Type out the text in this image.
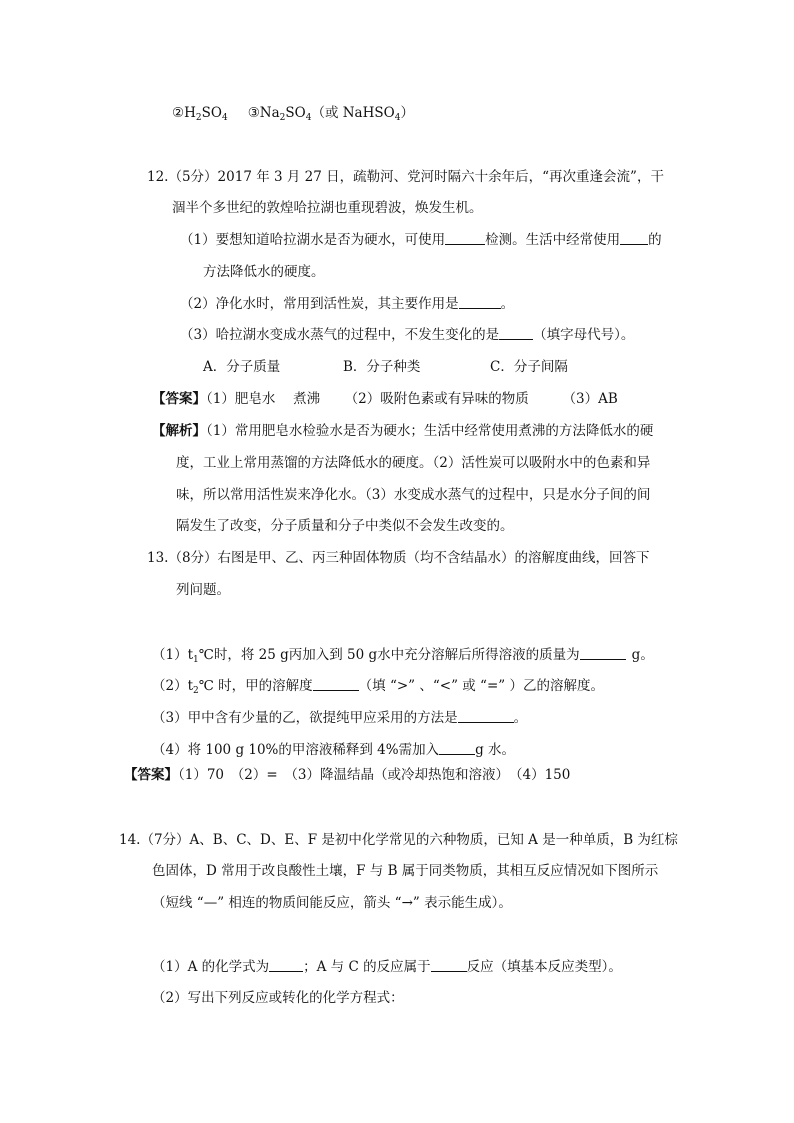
$②H_2SO_4$ $③Na_2SO_4$（或 NaHSO$_4$）
12.（5分）2017 年 3 月 27 日，疏勒河、党河时隔六十余年后，“再次重逢会流”，干
涸半个多世纪的敦煌哈拉湖也重现碧波，焕发生机。
（1）要想知道哈拉湖水是否为硬水，可使用	检测。生活中经常使用 的
方法降低水的硬度。
（2）净化水时，常用到活性炭，其主要作用是	。
（3）哈拉湖水变成水蒸气的过程中，不发生变化的是	（填字母代号）。
A．分子质量	B．分子种类	C．分子间隔
【答案】（1）肥皂水　 煮沸 　　（2）吸附色素或有异味的物质　　　（3）AB
【解析】（1）常用肥皂水检验水是否为硬水；生活中经常使用煮沸的方法降低水的硬
度，工业上常用蒸馏的方法降低水的硬度。（2）活性炭可以吸附水中的色素和异
味，所以常用活性炭来净化水。（3）水变成水蒸气的过程中，只是水分子间的间
隔发生了改变，分子质量和分子中类似不会发生改变的。
13.（8分）右图是甲、乙、丙三种固体物质（均不含结晶水）的溶解度曲线，回答下
列问题。
$(1)t_1℃$时，将 25 g丙加入到 50 g水中充分溶解后所得溶液的质量为	g。
$(2)t_2℃$ 时，甲的溶解度	（填 “>” 、“<” 或 “=” ）乙的溶解度。
（3）甲中含有少量的乙，欲提纯甲应采用的方法是	。
（4）将 100 g 10%的甲溶液稀释到 4%需加入	g 水。
【答案】（1）70　（2）=　（3）降温结晶（或冷却热饱和溶液）　（4）150
14.（7分）A、B、C、D、E、F 是初中化学常见的六种物质，已知 A 是一种单质，B 为红棕
色固体，D 常用于改良酸性土壤，F 与 B 属于同类物质，其相互反应情况如下图所示
（短线 “—” 相连的物质间能反应，箭头 “→” 表示能生成）。
（1）A 的化学式为	；A 与 C 的反应属于	反应（填基本反应类型）。
（2）写出下列反应或转化的化学方程式：
